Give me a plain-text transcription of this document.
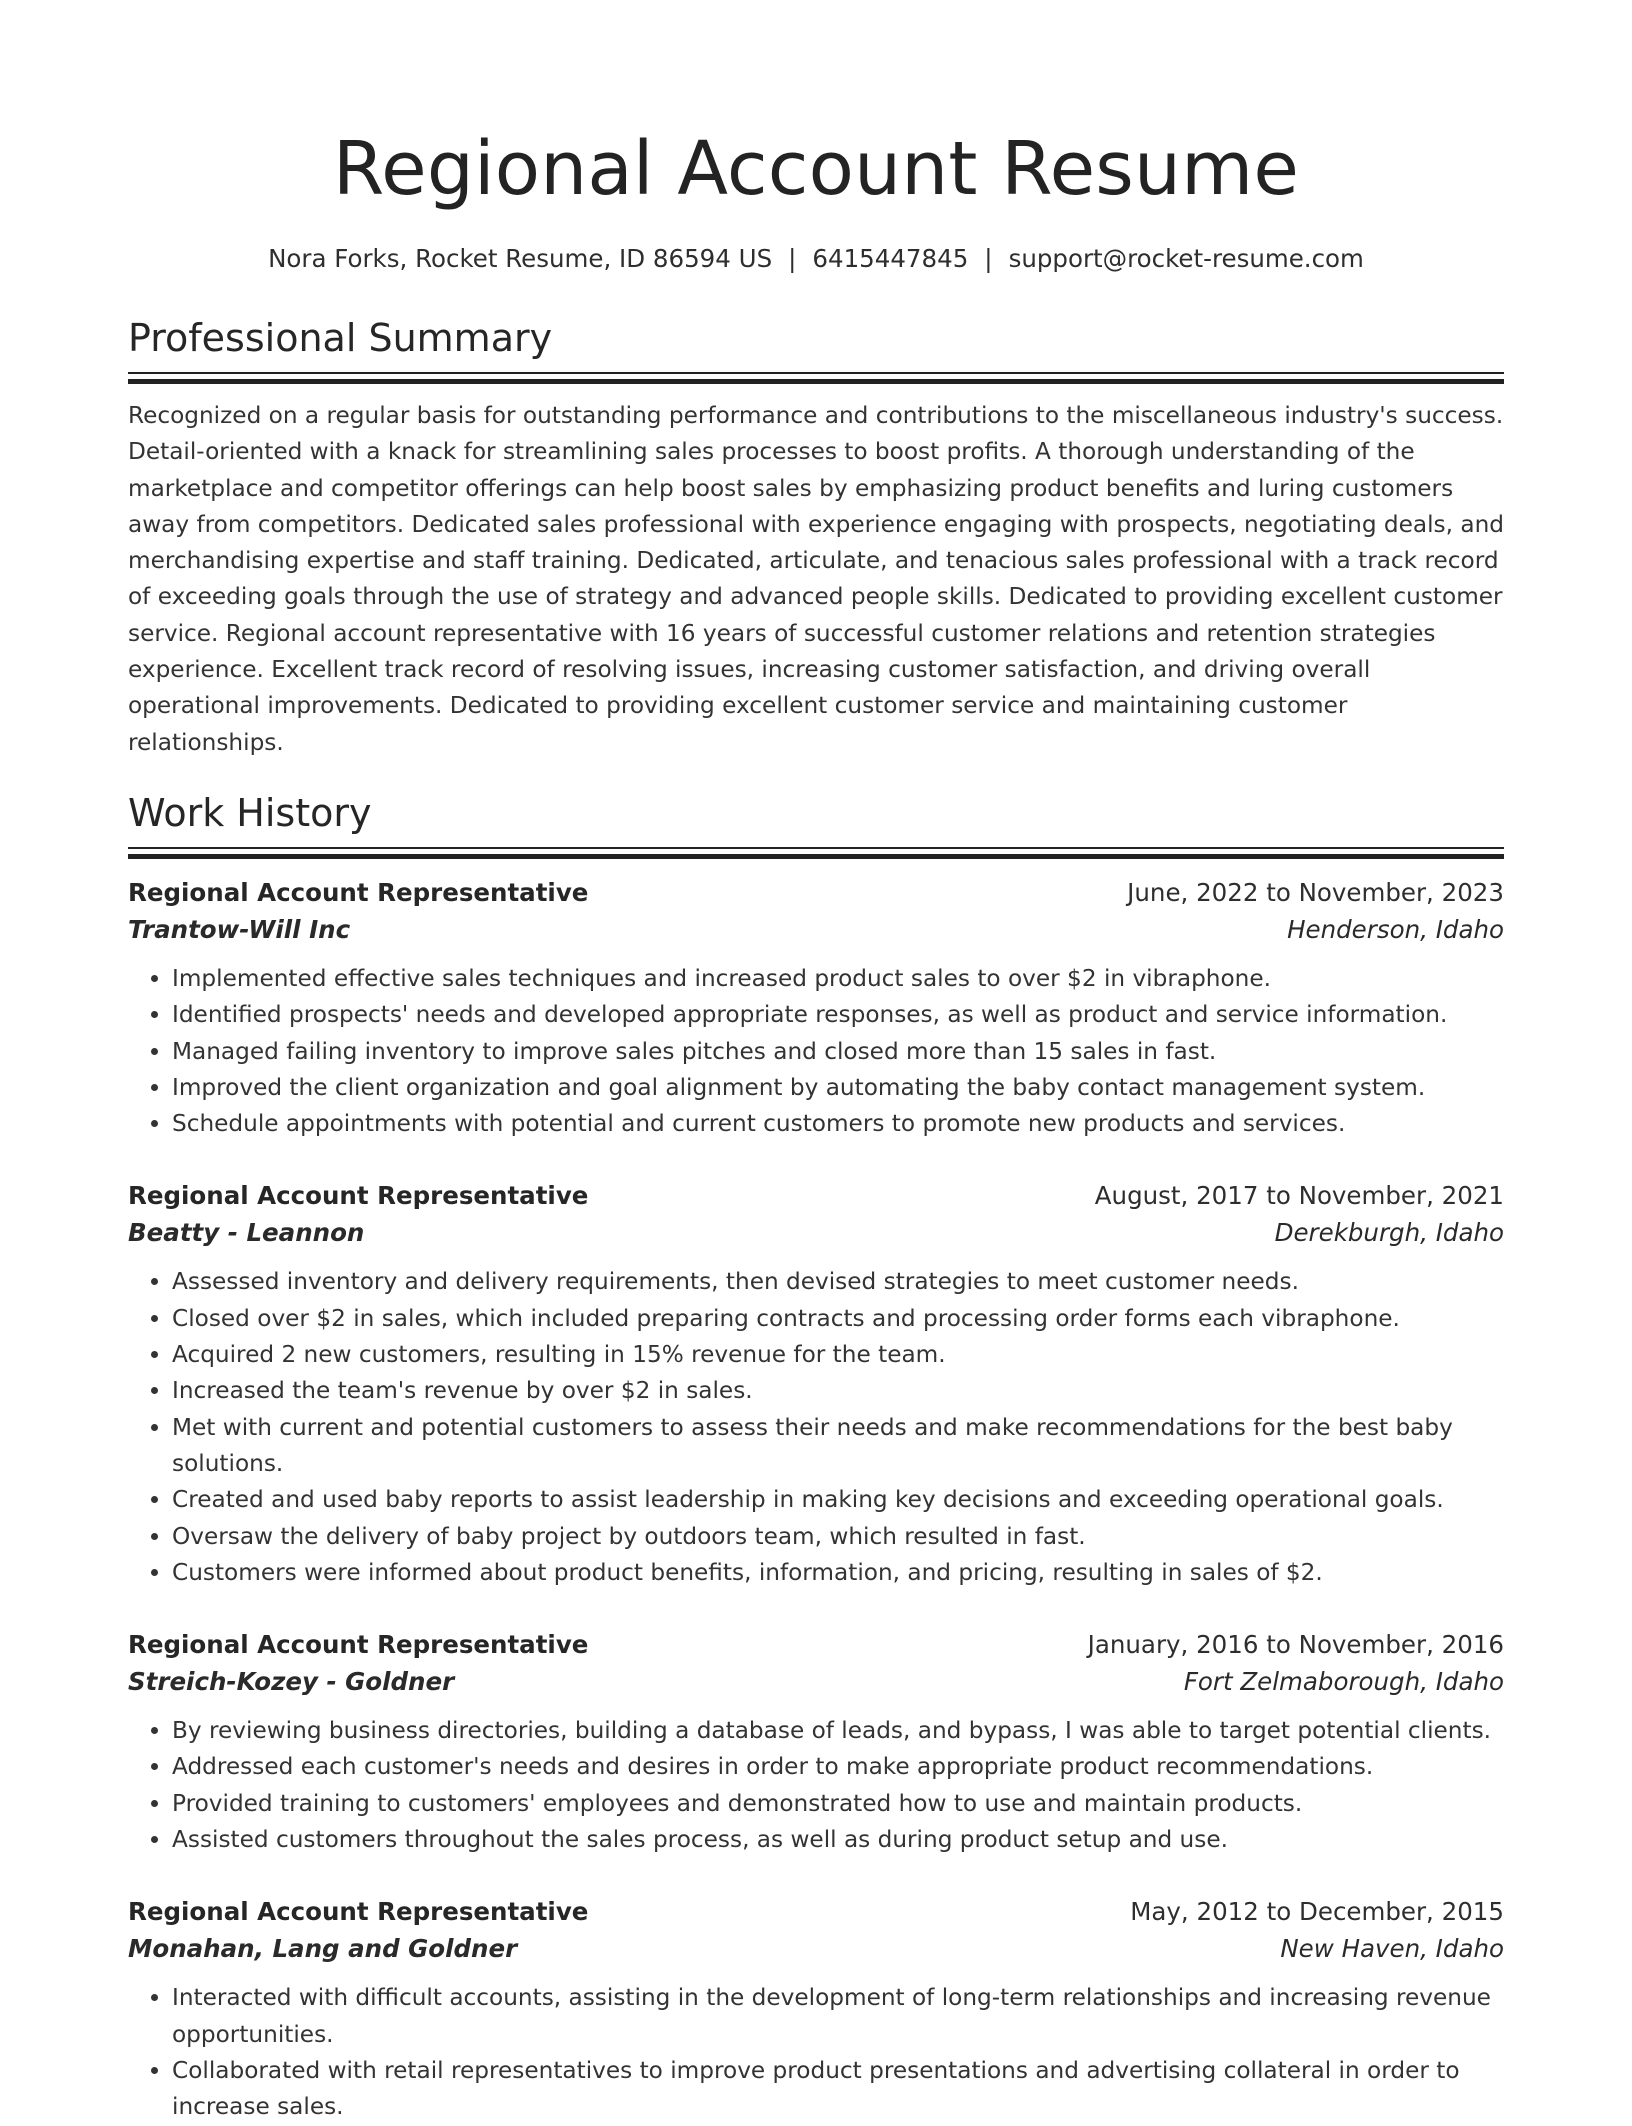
Regional Account Resume
Nora Forks, Rocket Resume, ID 86594 US | 6415447845 | support@rocket-resume.com
Professional Summary

Recognized on a regular basis for outstanding performance and contributions to the miscellaneous industry's success. Detail-oriented with a knack for streamlining sales processes to boost profits. A thorough understanding of the marketplace and competitor offerings can help boost sales by emphasizing product benefits and luring customers away from competitors. Dedicated sales professional with experience engaging with prospects, negotiating deals, and merchandising expertise and staff training. Dedicated, articulate, and tenacious sales professional with a track record of exceeding goals through the use of strategy and advanced people skills. Dedicated to providing excellent customer service. Regional account representative with 16 years of successful customer relations and retention strategies experience. Excellent track record of resolving issues, increasing customer satisfaction, and driving overall operational improvements. Dedicated to providing excellent customer service and maintaining customer relationships.

Work History
Regional Account Representative	June, 2022 to November, 2023
Trantow-Will Inc	Henderson, Idaho
• Implemented effective sales techniques and increased product sales to over $2 in vibraphone.
• Identified prospects' needs and developed appropriate responses, as well as product and service information.
• Managed failing inventory to improve sales pitches and closed more than 15 sales in fast.
• Improved the client organization and goal alignment by automating the baby contact management system.
• Schedule appointments with potential and current customers to promote new products and services.
Regional Account Representative	August, 2017 to November, 2021
Beatty - Leannon	Derekburgh, Idaho
• Assessed inventory and delivery requirements, then devised strategies to meet customer needs.
• Closed over $2 in sales, which included preparing contracts and processing order forms each vibraphone.
• Acquired 2 new customers, resulting in 15% revenue for the team.
• Increased the team's revenue by over $2 in sales.
• Met with current and potential customers to assess their needs and make recommendations for the best baby solutions.
• Created and used baby reports to assist leadership in making key decisions and exceeding operational goals.
• Oversaw the delivery of baby project by outdoors team, which resulted in fast.
• Customers were informed about product benefits, information, and pricing, resulting in sales of $2.
Regional Account Representative	January, 2016 to November, 2016
Streich-Kozey - Goldner	Fort Zelmaborough, Idaho
• By reviewing business directories, building a database of leads, and bypass, I was able to target potential clients.
• Addressed each customer's needs and desires in order to make appropriate product recommendations.
• Provided training to customers' employees and demonstrated how to use and maintain products.
• Assisted customers throughout the sales process, as well as during product setup and use.
Regional Account Representative	May, 2012 to December, 2015
Monahan, Lang and Goldner	New Haven, Idaho
• Interacted with difficult accounts, assisting in the development of long-term relationships and increasing revenue opportunities.
• Collaborated with retail representatives to improve product presentations and advertising collateral in order to increase sales.
